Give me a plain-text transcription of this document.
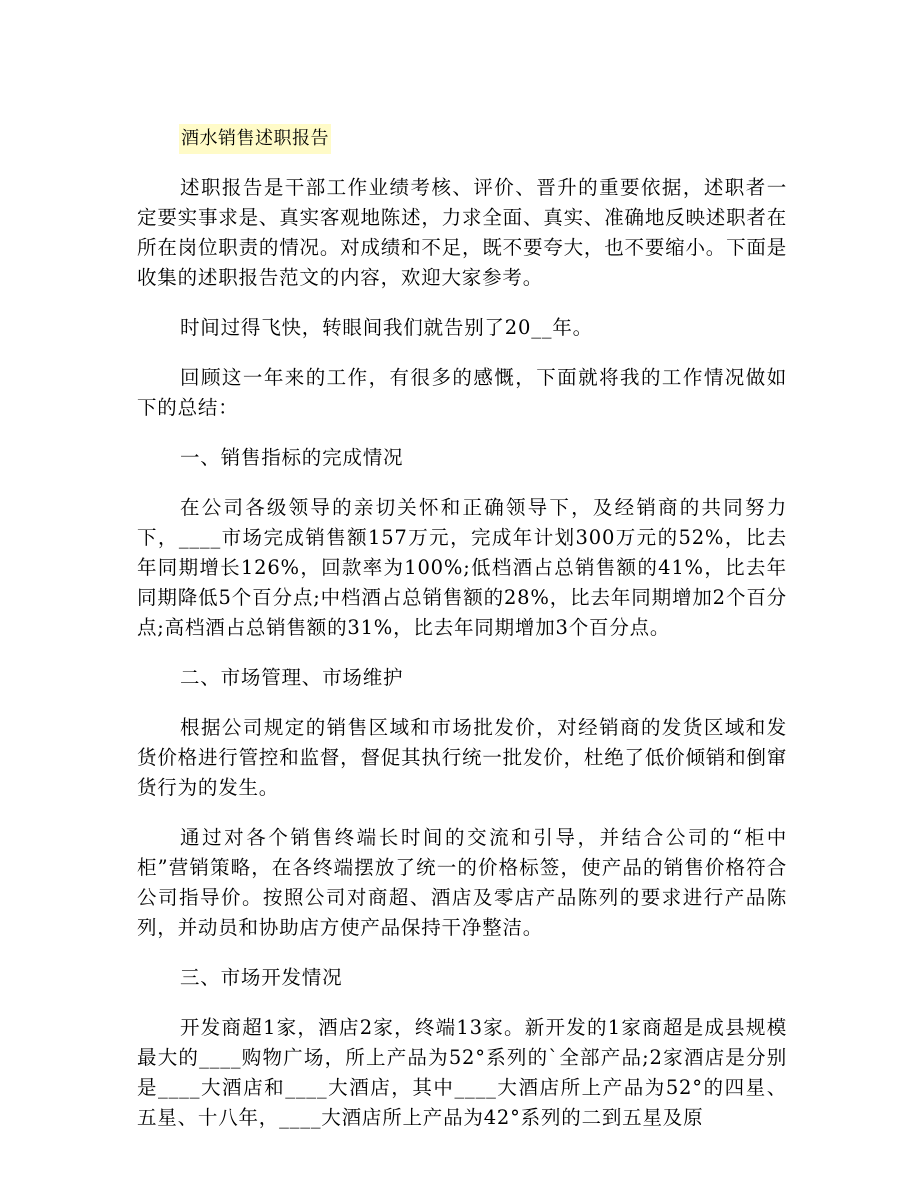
酒水销售述职报告

述职报告是干部工作业绩考核、评价、晋升的重要依据，述职者一定要实事求是、真实客观地陈述，力求全面、真实、准确地反映述职者在所在岗位职责的情况。对成绩和不足，既不要夸大，也不要缩小。下面是收集的述职报告范文的内容，欢迎大家参考。

时间过得飞快，转眼间我们就告别了20__年。

回顾这一年来的工作，有很多的感慨，下面就将我的工作情况做如下的总结：

一、销售指标的完成情况

在公司各级领导的亲切关怀和正确领导下，及经销商的共同努力下，____市场完成销售额157万元，完成年计划300万元的52%，比去年同期增长126%，回款率为100%;低档酒占总销售额的41%，比去年同期降低5个百分点;中档酒占总销售额的28%，比去年同期增加2个百分点;高档酒占总销售额的31%，比去年同期增加3个百分点。

二、市场管理、市场维护

根据公司规定的销售区域和市场批发价，对经销商的发货区域和发货价格进行管控和监督，督促其执行统一批发价，杜绝了低价倾销和倒窜货行为的发生。

通过对各个销售终端长时间的交流和引导，并结合公司的“柜中柜”营销策略，在各终端摆放了统一的价格标签，使产品的销售价格符合公司指导价。按照公司对商超、酒店及零店产品陈列的要求进行产品陈列，并动员和协助店方使产品保持干净整洁。

三、市场开发情况

开发商超1家，酒店2家，终端13家。新开发的1家商超是成县规模最大的____购物广场，所上产品为52°系列的`全部产品;2家酒店是分别是____大酒店和____大酒店，其中____大酒店所上产品为52°的四星、五星、十八年，____大酒店所上产品为42°系列的二到五星及原
